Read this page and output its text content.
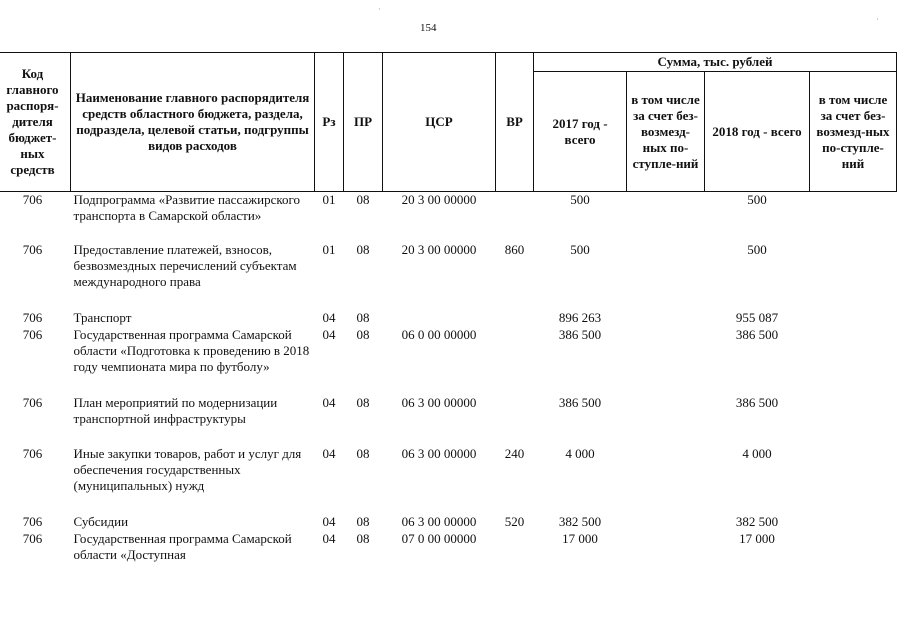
154
·
·
Код главного распоря-дителя бюджет-ных средств	Наименование главного распорядителя средств областного бюджета, раздела, подраздела, целевой статьи, подгруппы видов расходов	Рз	ПР	ЦСР	ВР	Сумма, тыс. рублей			
						2017 год - всего	в том числе за счет без-возмезд-ных по-ступле-ний	2018 год - всего	в том числе за счет без-возмезд-ных по-ступле-ний
706	Подпрограмма «Развитие пассажирского транспорта в Самарской области»	01	08	20 3 00 00000		500		500	
706	Предоставление платежей, взносов, безвозмездных перечислений субъектам международного права	01	08	20 3 00 00000	860	500		500	
706	Транспорт	04	08			896 263		955 087	
706	Государственная программа Самарской области «Подготовка к проведению в 2018 году чемпионата мира по футболу»	04	08	06 0 00 00000		386 500		386 500	
706	План мероприятий по модернизации транспортной инфраструктуры	04	08	06 3 00 00000		386 500		386 500	
706	Иные закупки товаров, работ и услуг для обеспечения государственных (муниципальных) нужд	04	08	06 3 00 00000	240	4 000		4 000	
706	Субсидии	04	08	06 3 00 00000	520	382 500		382 500	
706	Государственная программа Самарской области «Доступная	04	08	07 0 00 00000		17 000		17 000	
